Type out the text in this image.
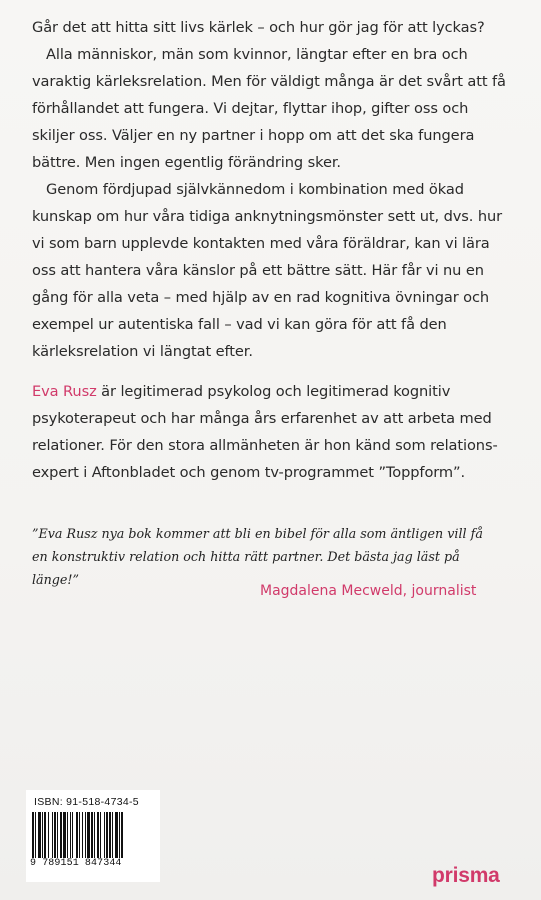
Går det att hitta sitt livs kärlek – och hur gör jag för att lyckas?

Alla människor, män som kvinnor, längtar efter en bra och varaktig kärleksrelation. Men för väldigt många är det svårt att få förhållandet att fungera. Vi dejtar, flyttar ihop, gifter oss och skiljer oss. Väljer en ny partner i hopp om att det ska fungera bättre. Men ingen egentlig förändring sker.

Genom fördjupad självkännedom i kombination med ökad kunskap om hur våra tidiga anknytningsmönster sett ut, dvs. hur vi som barn upplevde kontakten med våra föräldrar, kan vi lära oss att hantera våra känslor på ett bättre sätt. Här får vi nu en gång för alla veta – med hjälp av en rad kognitiva övningar och exempel ur autentiska fall – vad vi kan göra för att få den kärleksrelation vi längtat efter.

Eva Rusz är legitimerad psykolog och legitimerad kognitiv psykoterapeut och har många års erfarenhet av att arbeta med relationer. För den stora allmänheten är hon känd som relations-expert i Aftonbladet och genom tv-programmet ”Toppform”.

”Eva Rusz nya bok kommer att bli en bibel för alla som äntligen vill få en konstruktiv relation och hitta rätt partner. Det bästa jag läst på länge!”

Magdalena Mecweld, journalist
ISBN: 91-518-4734-5
9 789151 847344
prisma
